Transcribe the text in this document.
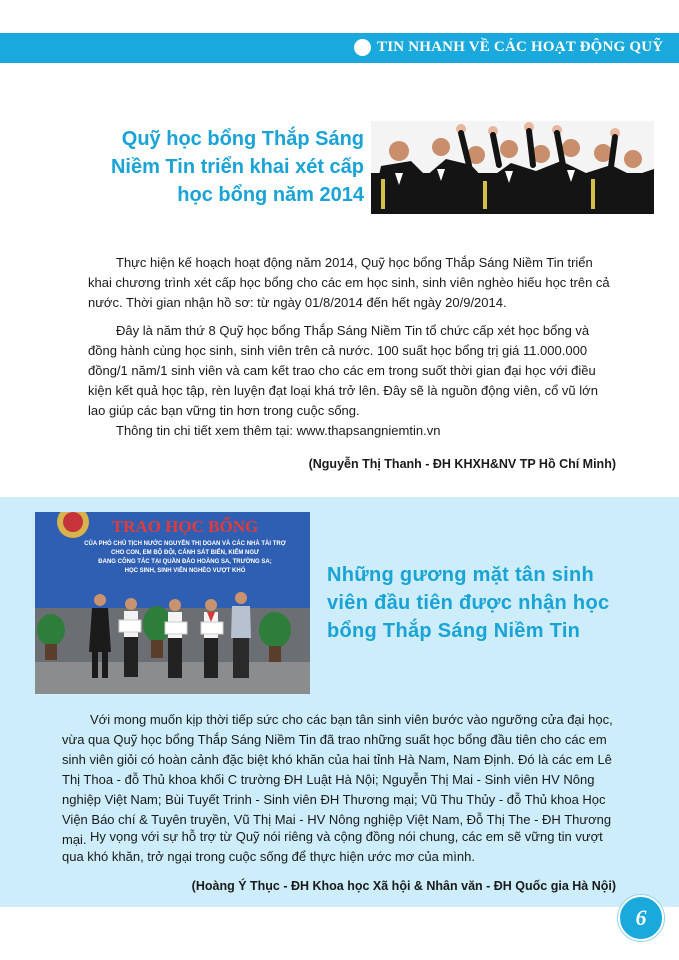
TIN NHANH VỀ CÁC HOẠT ĐỘNG QUỸ
Quỹ học bổng Thắp Sáng Niềm Tin triển khai xét cấp học bổng năm 2014
Thực hiện kế hoạch hoạt động năm 2014, Quỹ học bổng Thắp Sáng Niềm Tin triển khai chương trình xét cấp học bổng cho các em học sinh, sinh viên nghèo hiếu học trên cả nước. Thời gian nhận hồ sơ: từ ngày 01/8/2014 đến hết ngày 20/9/2014.
Đây là năm thứ 8 Quỹ học bổng Thắp Sáng Niềm Tin tổ chức cấp xét học bổng và đồng hành cùng học sinh, sinh viên trên cả nước. 100 suất học bổng trị giá 11.000.000 đồng/1 năm/1 sinh viên và cam kết trao cho các em trong suốt thời gian đại học với điều kiện kết quả học tập, rèn luyện đạt loại khá trở lên. Đây sẽ là nguồn động viên, cổ vũ lớn lao giúp các bạn vững tin hơn trong cuộc sống.
Thông tin chi tiết xem thêm tại: www.thapsangniemtin.vn
(Nguyễn Thị Thanh - ĐH KHXH&NV TP Hồ Chí Minh)
TRAO HỌC BỔNG
CỦA PHÓ CHỦ TỊCH NƯỚC NGUYỄN THỊ DOAN VÀ CÁC NHÀ TÀI TRỢ
CHO CON, EM BỘ ĐỘI, CẢNH SÁT BIỂN, KIỂM NGƯ
ĐANG CÔNG TÁC TẠI QUẦN ĐẢO HOÀNG SA, TRƯỜNG SA;
HỌC SINH, SINH VIÊN NGHÈO VƯỢT KHÓ	Những gương mặt tân sinh viên đầu tiên được nhận học bổng Thắp Sáng Niềm Tin
Với mong muốn kịp thời tiếp sức cho các bạn tân sinh viên bước vào ngưỡng cửa đại học, vừa qua Quỹ học bổng Thắp Sáng Niềm Tin đã trao những suất học bổng đầu tiên cho các em sinh viên giỏi có hoàn cảnh đặc biệt khó khăn của hai tỉnh Hà Nam, Nam Định. Đó là các em Lê Thị Thoa - đỗ Thủ khoa khối C trường ĐH Luật Hà Nội; Nguyễn Thị Mai - Sinh viên HV Nông nghiệp Việt Nam; Bùi Tuyết Trinh - Sinh viên ĐH Thương mại; Vũ Thu Thủy - đỗ Thủ khoa Học Viện Báo chí & Tuyên truyền, Vũ Thị Mai - HV Nông nghiệp Việt Nam, Đỗ Thị The - ĐH Thương mại. Hy vọng với sự hỗ trợ từ Quỹ nói riêng và cộng đồng nói chung, các em sẽ vững tin vượt qua khó khăn, trở ngại trong cuộc sống để thực hiện ước mơ của mình.
(Hoàng Ý Thục - ĐH Khoa học Xã hội & Nhân văn - ĐH Quốc gia Hà Nội)
6
